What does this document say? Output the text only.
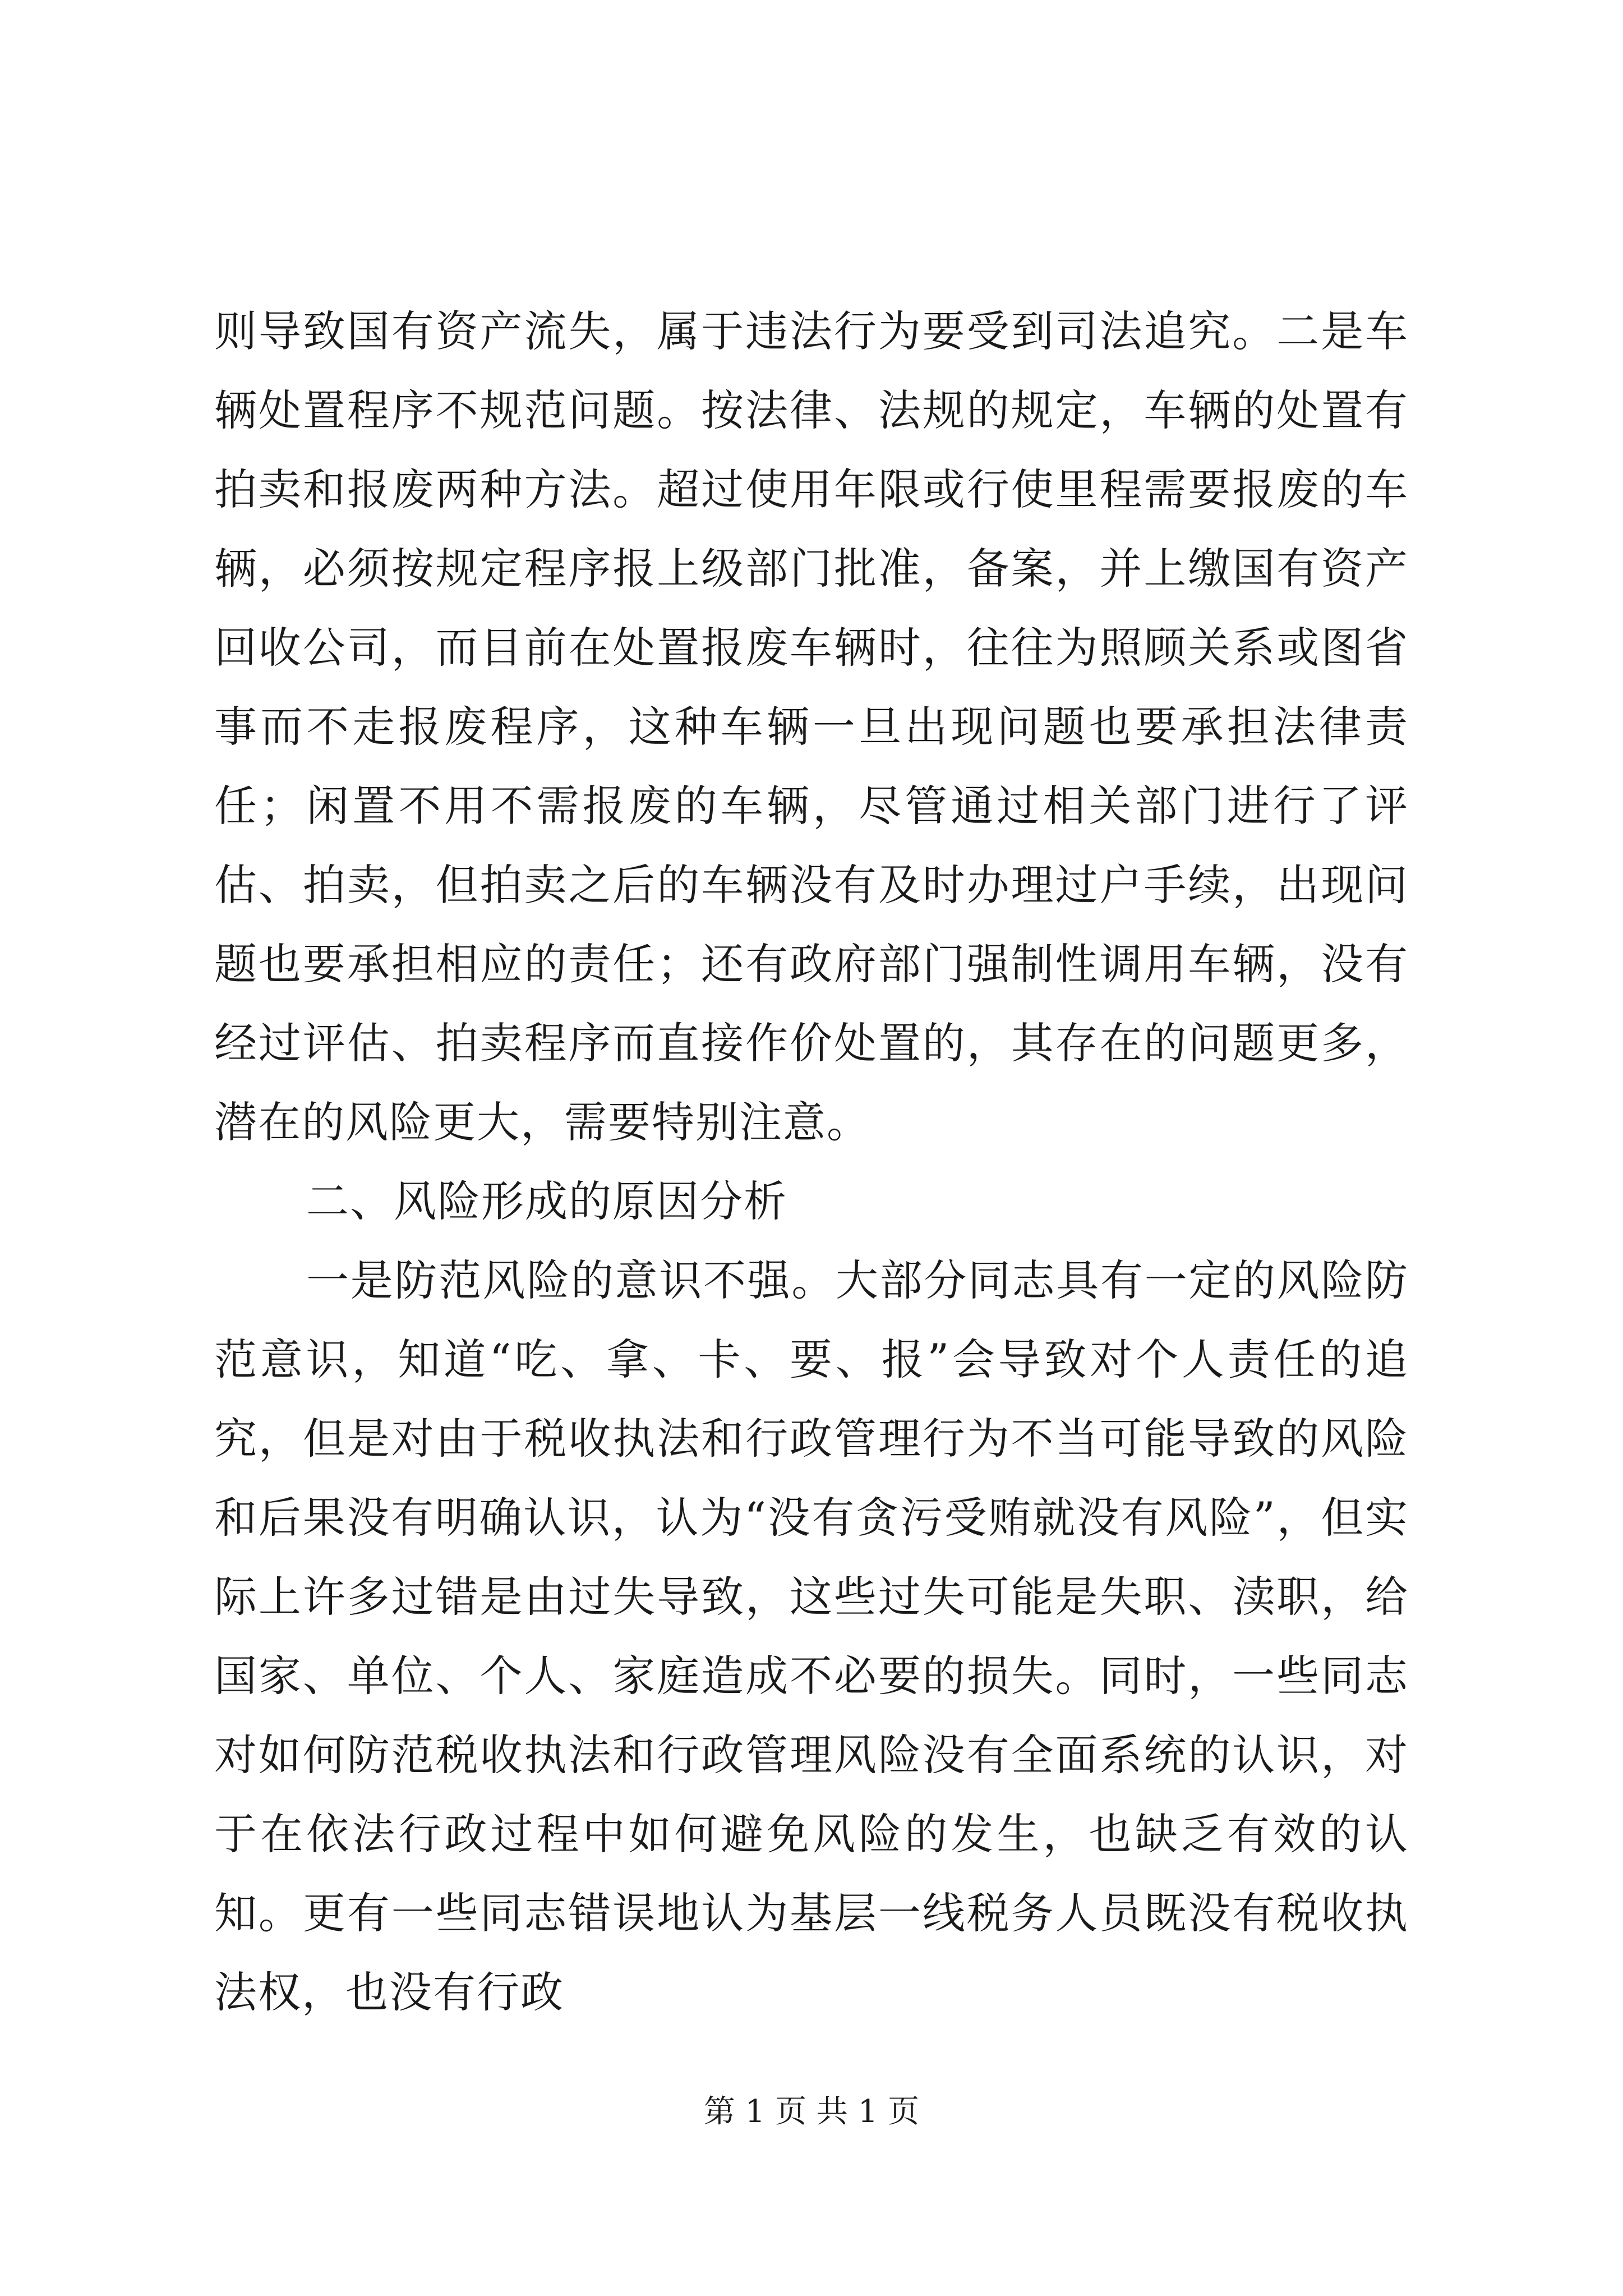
则导致国有资产流失，属于违法行为要受到司法追究。二是车辆处置程序不规范问题。按法律、法规的规定，车辆的处置有拍卖和报废两种方法。超过使用年限或行使里程需要报废的车辆，必须按规定程序报上级部门批准，备案，并上缴国有资产回收公司，而目前在处置报废车辆时，往往为照顾关系或图省事而不走报废程序，这种车辆一旦出现问题也要承担法律责任；闲置不用不需报废的车辆，尽管通过相关部门进行了评估、拍卖，但拍卖之后的车辆没有及时办理过户手续，出现问题也要承担相应的责任；还有政府部门强制性调用车辆，没有经过评估、拍卖程序而直接作价处置的，其存在的问题更多，潜在的风险更大，需要特别注意。

二、风险形成的原因分析

一是防范风险的意识不强。大部分同志具有一定的风险防范意识，知道“吃、拿、卡、要、报”会导致对个人责任的追究，但是对由于税收执法和行政管理行为不当可能导致的风险和后果没有明确认识，认为“没有贪污受贿就没有风险”，但实际上许多过错是由过失导致，这些过失可能是失职、渎职，给国家、单位、个人、家庭造成不必要的损失。同时，一些同志对如何防范税收执法和行政管理风险没有全面系统的认识，对于在依法行政过程中如何避免风险的发生，也缺乏有效的认知。更有一些同志错误地认为基层一线税务人员既没有税收执法权，也没有行政

第 1 页 共 1 页
